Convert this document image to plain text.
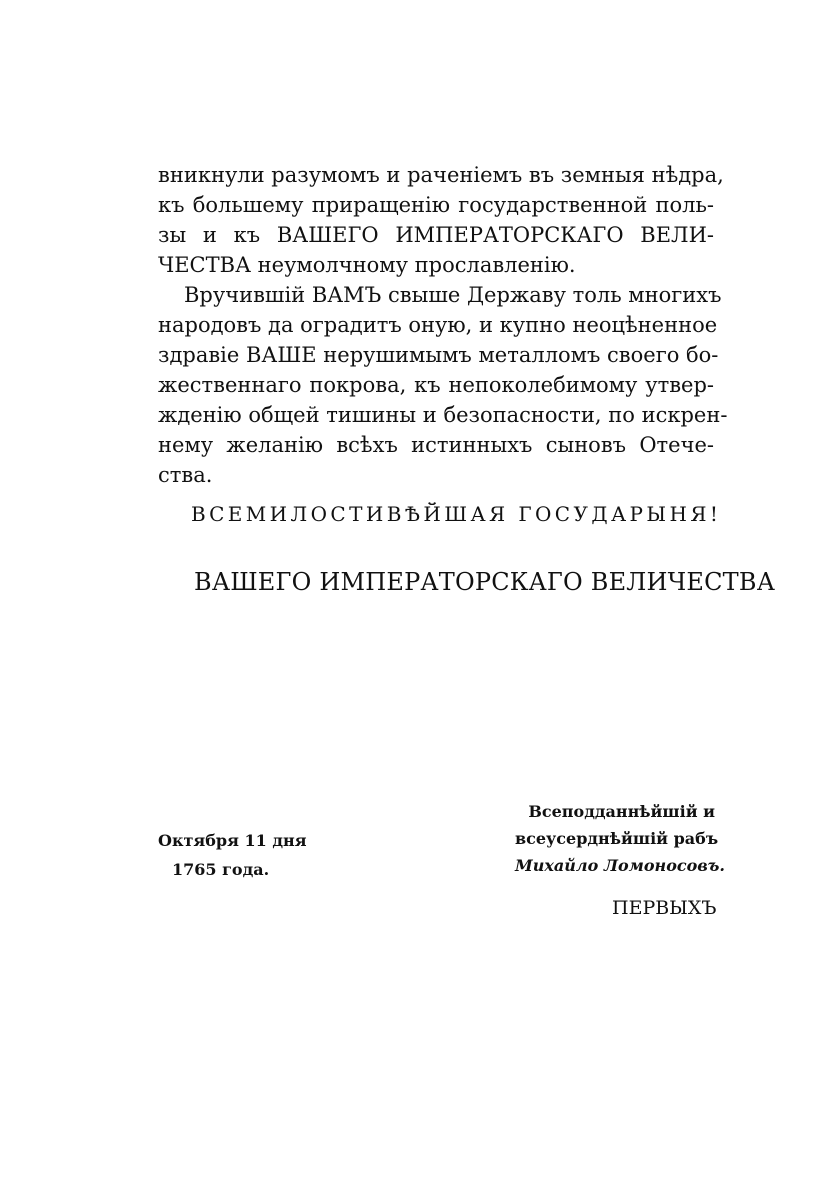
вникнули разумомъ и раченiемъ въ земныя нѣдра,
къ большему приращенiю государственной поль-
зы и къ ВАШЕГО ИМПЕРАТОРСКАГО ВЕЛИ-
ЧЕСТВА неумолчному прославленiю.
Вручившiй ВАМЪ свыше Державу толь многихъ
народовъ да оградитъ оную, и купно неоцѣненное
здравiе ВАШЕ нерушимымъ металломъ своего бо-
жественнаго покрова, къ непоколебимому утвер-
жденiю общей тишины и безопасности, по искрен-
нему желанiю всѣхъ истинныхъ сыновъ Отече-
ства.
ВСЕМИЛОСТИВѢЙШАЯ ГОСУДАРЫНЯ!
ВАШЕГО ИМПЕРАТОРСКАГО ВЕЛИЧЕСТВА
Октября 11 дня
1765 года.
Всеподданнѣйшiй и
всеусерднѣйшiй рабъ
Михайло Ломоносовъ.
ПЕРВЫХЪ
